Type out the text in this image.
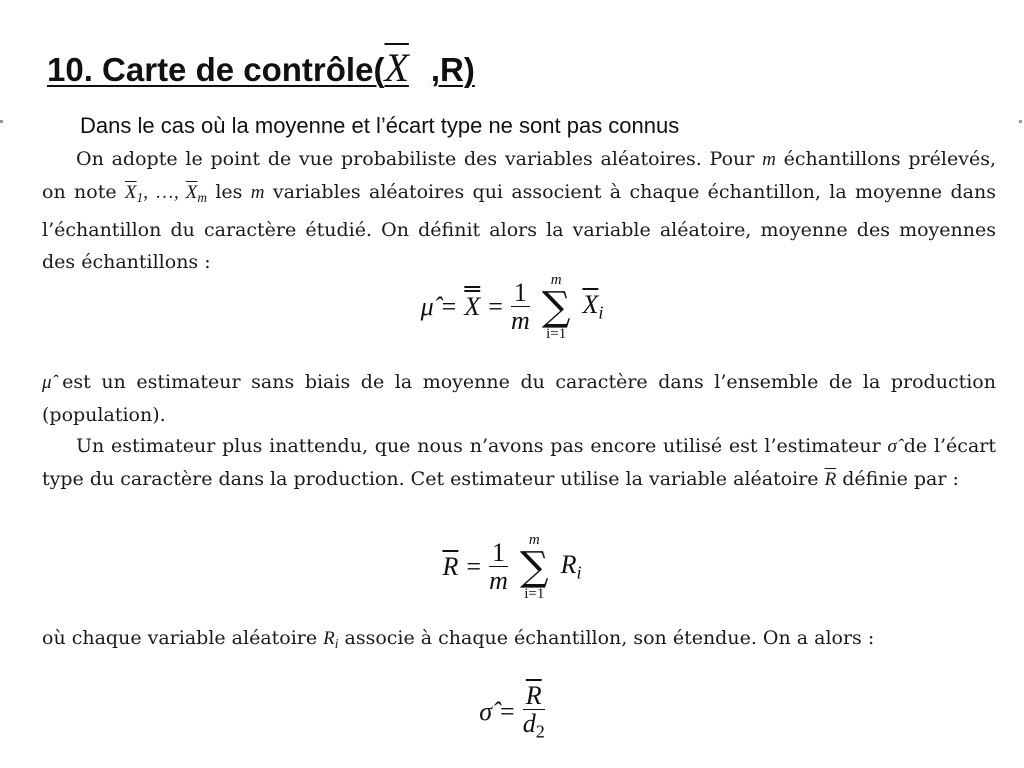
10. Carte de contrôle(X ,R)
Dans le cas où la moyenne et l’écart type ne sont pas connus
On adopte le point de vue probabiliste des variables aléatoires. Pour m échantillons prélevés, on note $\overline{X}_1$, …, $\overline{X}_m$ les m variables aléatoires qui associent à chaque échantillon, la moyenne dans l’échantillon du caractère étudié. On définit alors la variable aléatoire, moyenne des moyennes des échantillons :
μ̂ = $X = \frac{1}{m}$ m
∑
i=1
$\overline{X}_i$
μ̂ est un estimateur sans biais de la moyenne du caractère dans l’ensemble de la production (population).
Un estimateur plus inattendu, que nous n’avons pas encore utilisé est l’estimateur σ̂ de l’écart type du caractère dans la production. Cet estimateur utilise la variable aléatoire $\overline{R}$ définie par :
$\overline{R} = \frac{1}{m}$ m
∑
i=1
$R_i$
où chaque variable aléatoire $R_i$ associe à chaque échantillon, son étendue. On a alors :
σ̂ = $\frac{\overline{R}}{d_2}$
